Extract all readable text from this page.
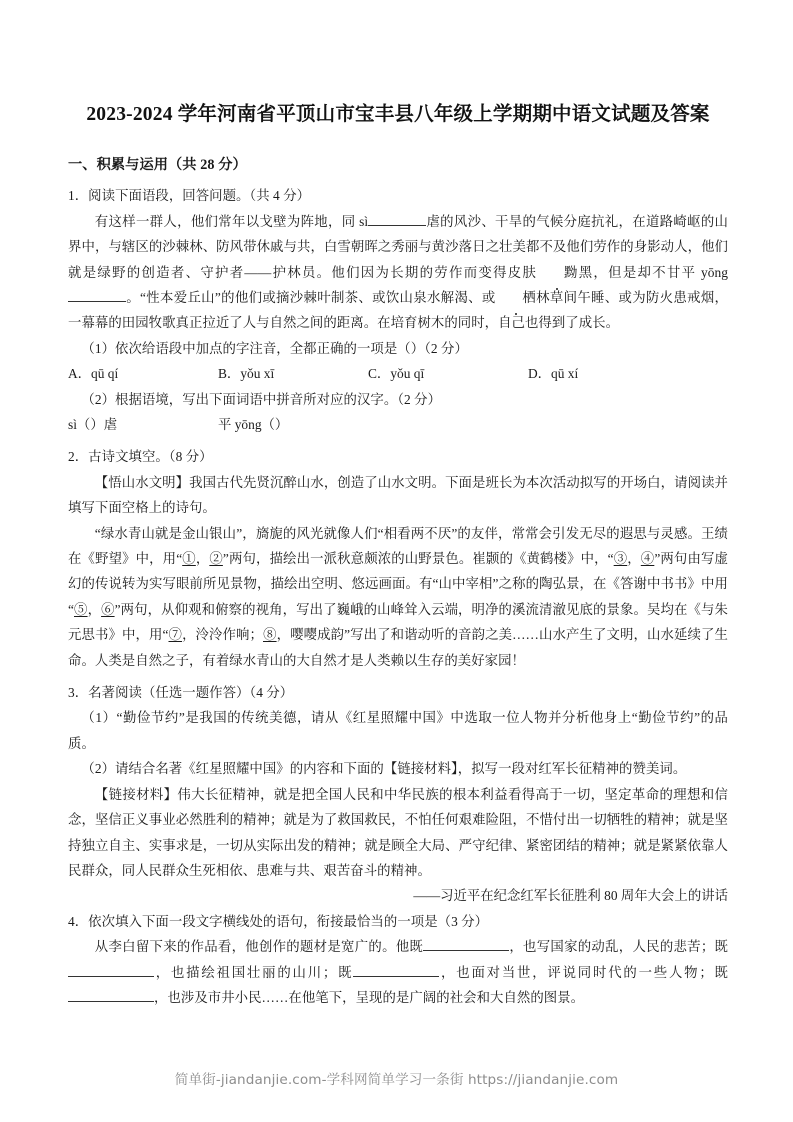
2023-2024 学年河南省平顶山市宝丰县八年级上学期期中语文试题及答案
一、积累与运用（共 28 分）
1．阅读下面语段，回答问题。（共 4 分）
有这样一群人，他们常年以戈壁为阵地，同 sì	虐的风沙、干旱的气候分庭抗礼，在道路崎岖的山界中，与辖区的沙棘林、防风带休戚与共，白雪朝晖之秀丽与黄沙落日之壮美都不及他们劳作的身影动人，他们就是绿野的创造者、守护者——护林员。他们因为长期的劳作而变得皮肤 黝黑，但是却不甘平 yōng。“性本爱丘山”的他们或摘沙棘叶制茶、或饮山泉水解渴、或 栖林草间午睡、或为防火患戒烟，一幕幕的田园牧歌真正拉近了人与自然之间的距离。在培育树木的同时，自己也得到了成长。
（1）依次给语段中加点的字注音，全都正确的一项是（）（2 分）
A．qū qí	B．yǒu xī	C．yǒu qī	D．qū xí
（2）根据语境，写出下面词语中拼音所对应的汉字。（2 分）
sì（）虐	平 yōng（）
2．古诗文填空。（8 分）
【悟山水文明】我国古代先贤沉醉山水，创造了山水文明。下面是班长为本次活动拟写的开场白，请阅读并填写下面空格上的诗句。
“绿水青山就是金山银山”，旖旎的风光就像人们“相看两不厌”的友伴，常常会引发无尽的遐思与灵感。王绩在《野望》中，用“①，②”两句，描绘出一派秋意颇浓的山野景色。崔颢的《黄鹤楼》中，“③，④”两句由写虚幻的传说转为实写眼前所见景物，描绘出空明、悠远画面。有“山中宰相”之称的陶弘景，在《答谢中书书》中用“⑤，⑥”两句，从仰观和俯察的视角，写出了巍峨的山峰耸入云端，明净的溪流清澈见底的景象。吴均在《与朱元思书》中，用“⑦，泠泠作响；⑧，嘤嘤成韵”写出了和谐动听的音韵之美……山水产生了文明，山水延续了生命。人类是自然之子，有着绿水青山的大自然才是人类赖以生存的美好家园！
3．名著阅读（任选一题作答）（4 分）
（1）“勤俭节约”是我国的传统美德，请从《红星照耀中国》中选取一位人物并分析他身上“勤俭节约”的品质。
（2）请结合名著《红星照耀中国》的内容和下面的【链接材料】，拟写一段对红军长征精神的赞美词。
【链接材料】伟大长征精神，就是把全国人民和中华民族的根本利益看得高于一切，坚定革命的理想和信念，坚信正义事业必然胜利的精神；就是为了救国救民，不怕任何艰难险阻，不惜付出一切牺牲的精神；就是坚持独立自主、实事求是，一切从实际出发的精神；就是顾全大局、严守纪律、紧密团结的精神；就是紧紧依靠人民群众，同人民群众生死相依、患难与共、艰苦奋斗的精神。
——习近平在纪念红军长征胜利 80 周年大会上的讲话
4．依次填入下面一段文字横线处的语句，衔接最恰当的一项是（3 分）
从李白留下来的作品看，他创作的题材是宽广的。他既	，也写国家的动乱，人民的悲苦；既，也描绘祖国壮丽的山川；既	，也面对当世，评说同时代的一些人物；既，也涉及市井小民……在他笔下，呈现的是广阔的社会和大自然的图景。
简单街-jiandanjie.com-学科网简单学习一条街 https://jiandanjie.com
